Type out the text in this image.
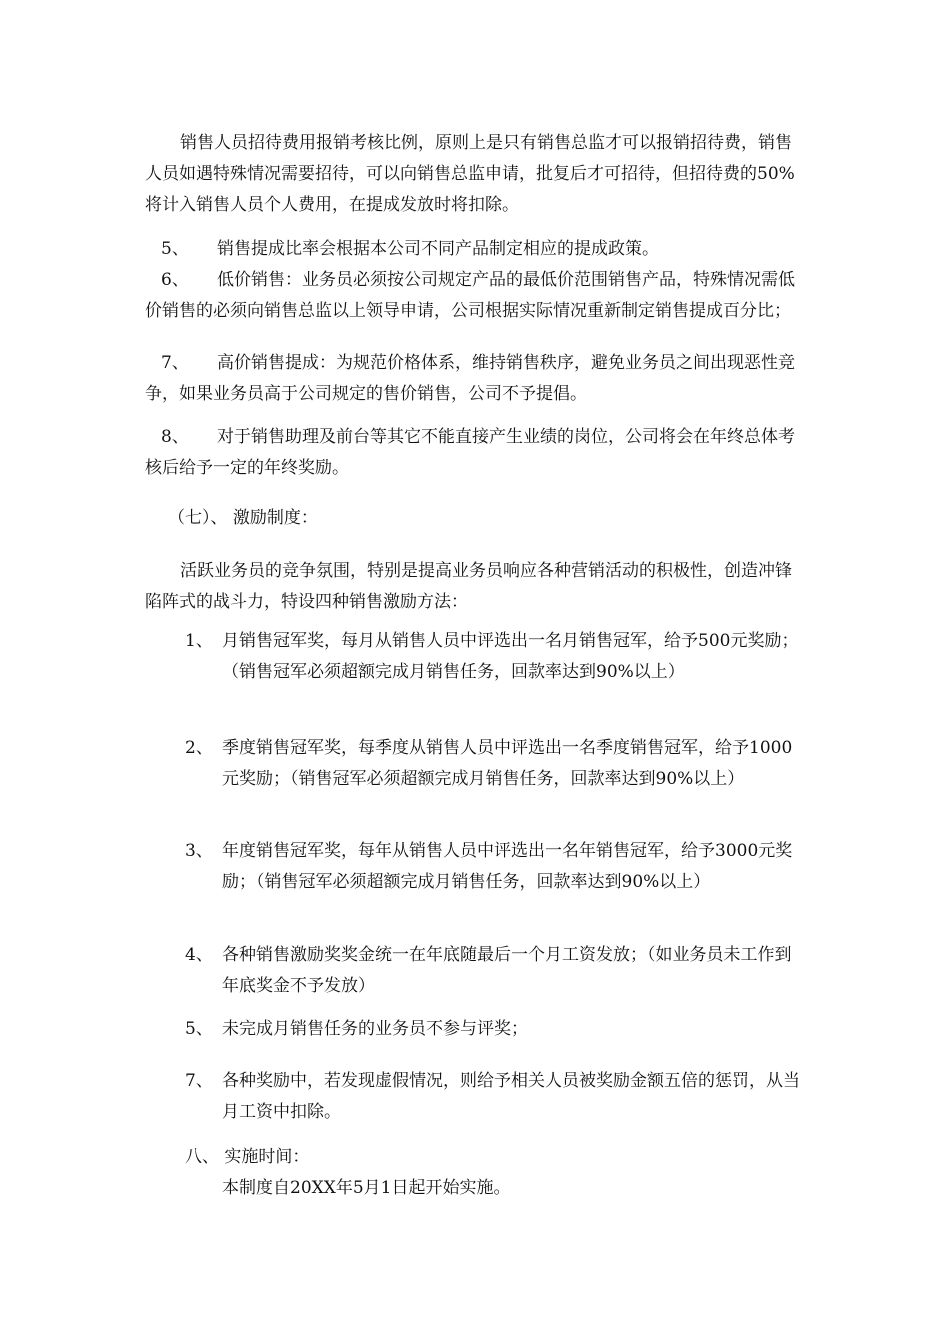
销售人员招待费用报销考核比例，原则上是只有销售总监才可以报销招待费，销售人员如遇特殊情况需要招待，可以向销售总监申请，批复后才可招待，但招待费的50%将计入销售人员个人费用，在提成发放时将扣除。

5、 销售提成比率会根据本公司不同产品制定相应的提成政策。

6、 低价销售：业务员必须按公司规定产品的最低价范围销售产品，特殊情况需低价销售的必须向销售总监以上领导申请，公司根据实际情况重新制定销售提成百分比；

7、 高价销售提成：为规范价格体系，维持销售秩序，避免业务员之间出现恶性竞争，如果业务员高于公司规定的售价销售，公司不予提倡。

8、 对于销售助理及前台等其它不能直接产生业绩的岗位，公司将会在年终总体考核后给予一定的年终奖励。

（七）、 激励制度：

活跃业务员的竞争氛围，特别是提高业务员响应各种营销活动的积极性，创造冲锋陷阵式的战斗力，特设四种销售激励方法：

1、 月销售冠军奖，每月从销售人员中评选出一名月销售冠军，给予500元奖励；（销售冠军必须超额完成月销售任务，回款率达到90%以上）
2、 季度销售冠军奖，每季度从销售人员中评选出一名季度销售冠军，给予1000元奖励；（销售冠军必须超额完成月销售任务，回款率达到90%以上）
3、 年度销售冠军奖，每年从销售人员中评选出一名年销售冠军，给予3000元奖励；（销售冠军必须超额完成月销售任务，回款率达到90%以上）
4、 各种销售激励奖奖金统一在年底随最后一个月工资发放；（如业务员未工作到年底奖金不予发放）
5、 未完成月销售任务的业务员不参与评奖；
7、 各种奖励中，若发现虚假情况，则给予相关人员被奖励金额五倍的惩罚，从当月工资中扣除。

八、 实施时间：

本制度自20XX年5月1日起开始实施。
